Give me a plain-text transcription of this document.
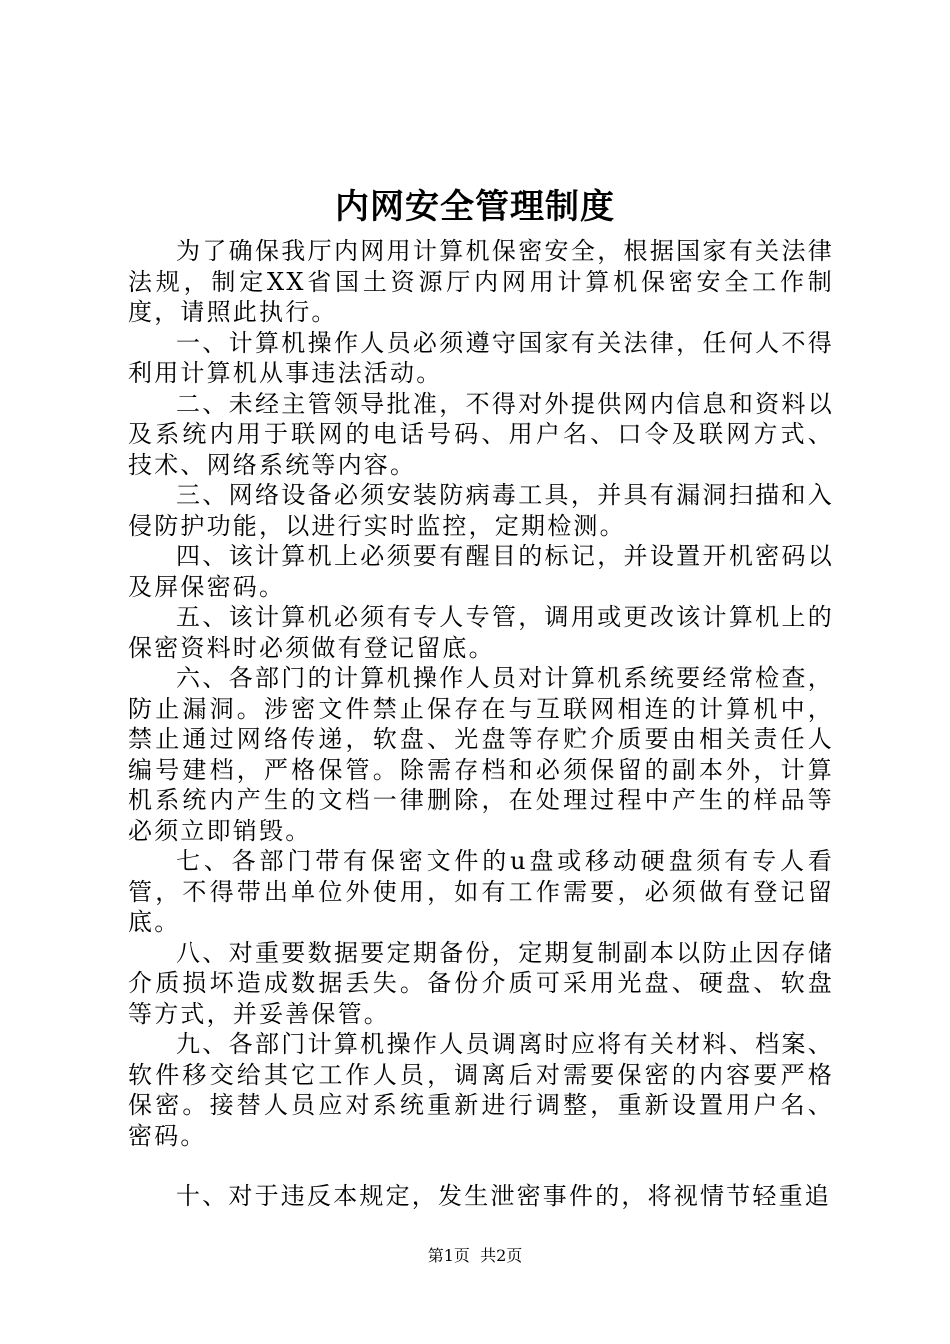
内网安全管理制度

为了确保我厅内网用计算机保密安全，根据国家有关法律法规，制定XX省国土资源厅内网用计算机保密安全工作制度，请照此执行。

一、计算机操作人员必须遵守国家有关法律，任何人不得利用计算机从事违法活动。

二、未经主管领导批准，不得对外提供网内信息和资料以及系统内用于联网的电话号码、用户名、口令及联网方式、技术、网络系统等内容。

三、网络设备必须安装防病毒工具，并具有漏洞扫描和入侵防护功能，以进行实时监控，定期检测。

四、该计算机上必须要有醒目的标记，并设置开机密码以及屏保密码。

五、该计算机必须有专人专管，调用或更改该计算机上的保密资料时必须做有登记留底。

六、各部门的计算机操作人员对计算机系统要经常检查，防止漏洞。涉密文件禁止保存在与互联网相连的计算机中，禁止通过网络传递，软盘、光盘等存贮介质要由相关责任人编号建档，严格保管。除需存档和必须保留的副本外，计算机系统内产生的文档一律删除，在处理过程中产生的样品等必须立即销毁。

七、各部门带有保密文件的u盘或移动硬盘须有专人看管，不得带出单位外使用，如有工作需要，必须做有登记留底。

八、对重要数据要定期备份，定期复制副本以防止因存储介质损坏造成数据丢失。备份介质可采用光盘、硬盘、软盘等方式，并妥善保管。

九、各部门计算机操作人员调离时应将有关材料、档案、软件移交给其它工作人员，调离后对需要保密的内容要严格保密。接替人员应对系统重新进行调整，重新设置用户名、密码。

十、对于违反本规定，发生泄密事件的，将视情节轻重追

第1页 共2页
